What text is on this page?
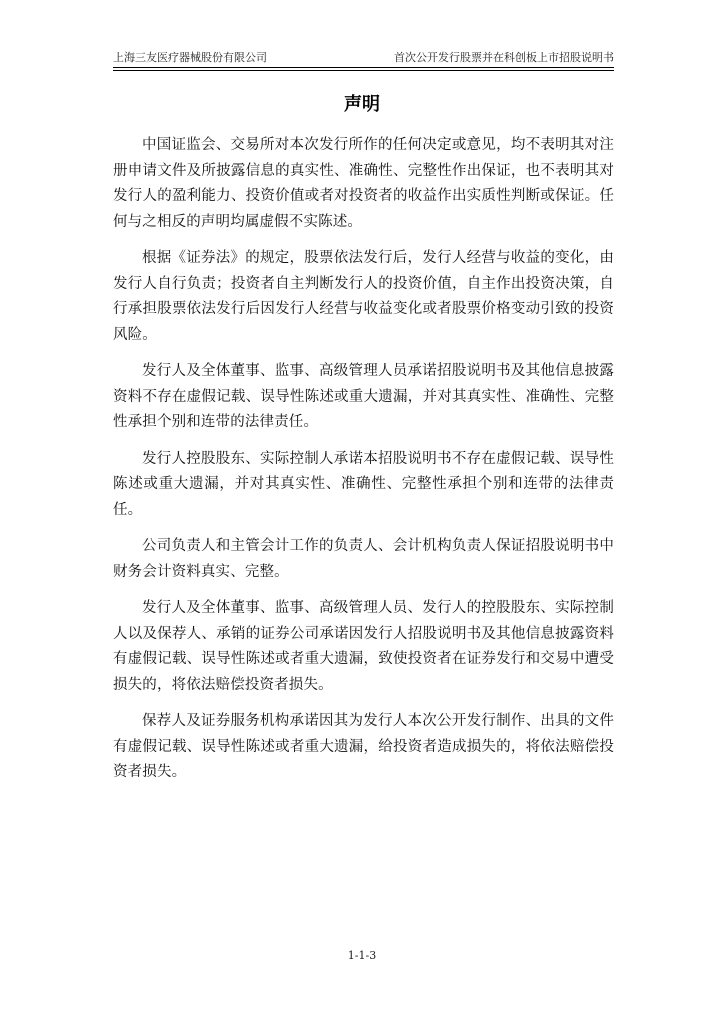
上海三友医疗器械股份有限公司	首次公开发行股票并在科创板上市招股说明书
声明

中国证监会、交易所对本次发行所作的任何决定或意见，均不表明其对注册申请文件及所披露信息的真实性、准确性、完整性作出保证，也不表明其对发行人的盈利能力、投资价值或者对投资者的收益作出实质性判断或保证。任何与之相反的声明均属虚假不实陈述。

根据《证券法》的规定，股票依法发行后，发行人经营与收益的变化，由发行人自行负责；投资者自主判断发行人的投资价值，自主作出投资决策，自行承担股票依法发行后因发行人经营与收益变化或者股票价格变动引致的投资风险。

发行人及全体董事、监事、高级管理人员承诺招股说明书及其他信息披露资料不存在虚假记载、误导性陈述或重大遗漏，并对其真实性、准确性、完整性承担个别和连带的法律责任。

发行人控股股东、实际控制人承诺本招股说明书不存在虚假记载、误导性陈述或重大遗漏，并对其真实性、准确性、完整性承担个别和连带的法律责任。

公司负责人和主管会计工作的负责人、会计机构负责人保证招股说明书中财务会计资料真实、完整。

发行人及全体董事、监事、高级管理人员、发行人的控股股东、实际控制人以及保荐人、承销的证券公司承诺因发行人招股说明书及其他信息披露资料有虚假记载、误导性陈述或者重大遗漏，致使投资者在证券发行和交易中遭受损失的，将依法赔偿投资者损失。

保荐人及证券服务机构承诺因其为发行人本次公开发行制作、出具的文件有虚假记载、误导性陈述或者重大遗漏，给投资者造成损失的，将依法赔偿投资者损失。

1-1-3
